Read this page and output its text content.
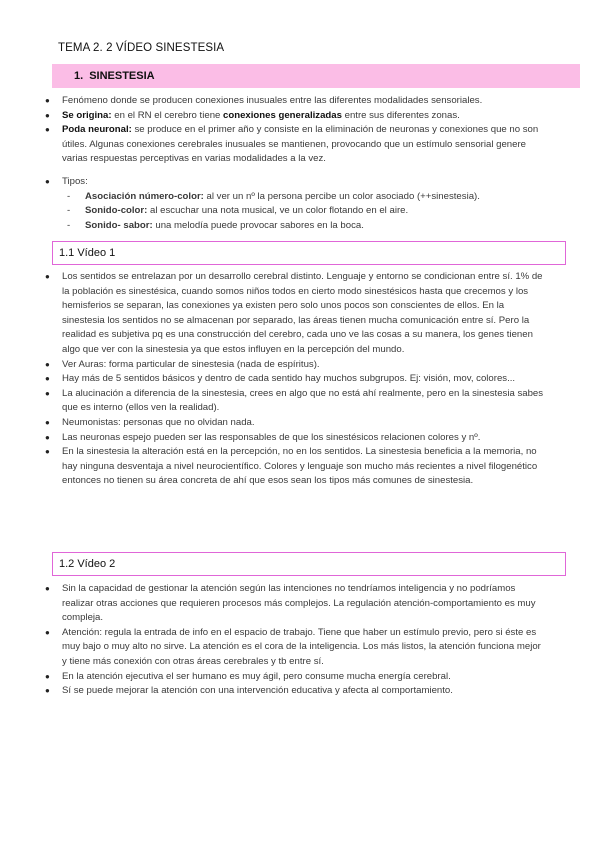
TEMA 2. 2 VÍDEO SINESTESIA
1. SINESTESIA
● Fenómeno donde se producen conexiones inusuales entre las diferentes modalidades sensoriales.
● Se origina: en el RN el cerebro tiene conexiones generalizadas entre sus diferentes zonas.
● Poda neuronal: se produce en el primer año y consiste en la eliminación de neuronas y conexiones que no son útiles. Algunas conexiones cerebrales inusuales se mantienen, provocando que un estímulo sensorial genere varias respuestas perceptivas en varias modalidades a la vez.
● Tipos:
- Asociación número-color: al ver un nº la persona percibe un color asociado (++sinestesia).
- Sonido-color: al escuchar una nota musical, ve un color flotando en el aire.
- Sonido- sabor: una melodía puede provocar sabores en la boca.
1.1 Vídeo 1
● Los sentidos se entrelazan por un desarrollo cerebral distinto. Lenguaje y entorno se condicionan entre sí. 1% de la población es sinestésica, cuando somos niños todos en cierto modo sinestésicos hasta que crecemos y los hemisferios se separan, las conexiones ya existen pero solo unos pocos son conscientes de ellos. En la sinestesia los sentidos no se almacenan por separado, las áreas tienen mucha comunicación entre sí. Pero la realidad es subjetiva pq es una construcción del cerebro, cada uno ve las cosas a su manera, los genes tienen algo que ver con la sinestesia ya que estos influyen en la percepción del mundo.
● Ver Auras: forma particular de sinestesia (nada de espíritus).
● Hay más de 5 sentidos básicos y dentro de cada sentido hay muchos subgrupos. Ej: visión, mov, colores...
● La alucinación a diferencia de la sinestesia, crees en algo que no está ahí realmente, pero en la sinestesia sabes que es interno (ellos ven la realidad).
● Neumonistas: personas que no olvidan nada.
● Las neuronas espejo pueden ser las responsables de que los sinestésicos relacionen colores y nº.
● En la sinestesia la alteración está en la percepción, no en los sentidos. La sinestesia beneficia a la memoria, no hay ninguna desventaja a nivel neurocientífico. Colores y lenguaje son mucho más recientes a nivel filogenético entonces no tienen su área concreta de ahí que esos sean los tipos más comunes de sinestesia.
1.2 Vídeo 2
● Sin la capacidad de gestionar la atención según las intenciones no tendríamos inteligencia y no podríamos realizar otras acciones que requieren procesos más complejos. La regulación atención-comportamiento es muy compleja.
● Atención: regula la entrada de info en el espacio de trabajo. Tiene que haber un estímulo previo, pero si éste es muy bajo o muy alto no sirve. La atención es el cora de la inteligencia. Los más listos, la atención funciona mejor y tiene más conexión con otras áreas cerebrales y tb entre sí.
● En la atención ejecutiva el ser humano es muy ágil, pero consume mucha energía cerebral.
● Sí se puede mejorar la atención con una intervención educativa y afecta al comportamiento.
